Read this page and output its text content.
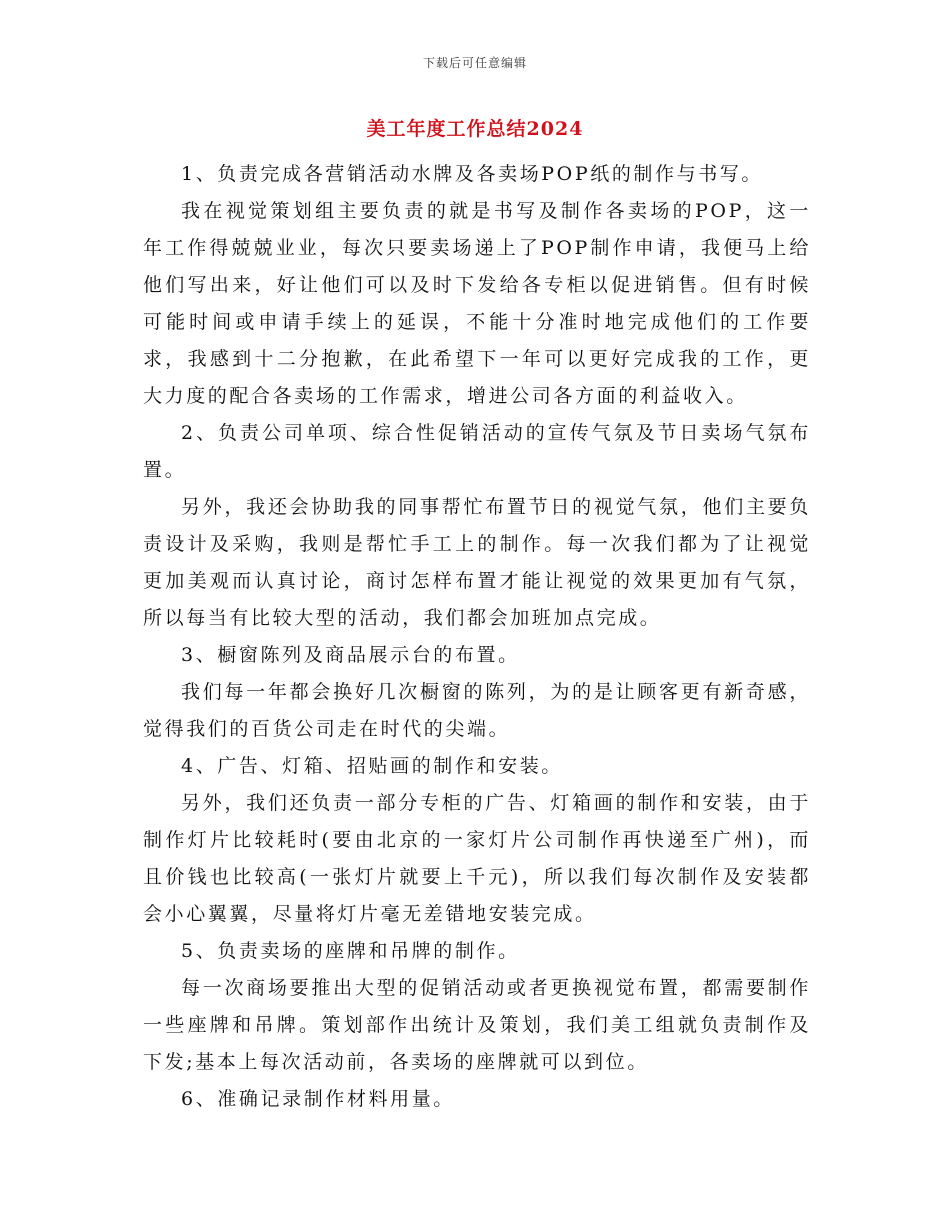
下载后可任意编辑
美工年度工作总结2024

1、负责完成各营销活动水牌及各卖场POP纸的制作与书写。

我在视觉策划组主要负责的就是书写及制作各卖场的POP，这一年工作得兢兢业业，每次只要卖场递上了POP制作申请，我便马上给他们写出来，好让他们可以及时下发给各专柜以促进销售。但有时候可能时间或申请手续上的延误，不能十分准时地完成他们的工作要求，我感到十二分抱歉，在此希望下一年可以更好完成我的工作，更大力度的配合各卖场的工作需求，增进公司各方面的利益收入。

2、负责公司单项、综合性促销活动的宣传气氛及节日卖场气氛布置。

另外，我还会协助我的同事帮忙布置节日的视觉气氛，他们主要负责设计及采购，我则是帮忙手工上的制作。每一次我们都为了让视觉更加美观而认真讨论，商讨怎样布置才能让视觉的效果更加有气氛，所以每当有比较大型的活动，我们都会加班加点完成。

3、橱窗陈列及商品展示台的布置。

我们每一年都会换好几次橱窗的陈列，为的是让顾客更有新奇感，觉得我们的百货公司走在时代的尖端。

4、广告、灯箱、招贴画的制作和安装。

另外，我们还负责一部分专柜的广告、灯箱画的制作和安装，由于制作灯片比较耗时(要由北京的一家灯片公司制作再快递至广州)，而且价钱也比较高(一张灯片就要上千元)，所以我们每次制作及安装都会小心翼翼，尽量将灯片毫无差错地安装完成。

5、负责卖场的座牌和吊牌的制作。

每一次商场要推出大型的促销活动或者更换视觉布置，都需要制作一些座牌和吊牌。策划部作出统计及策划，我们美工组就负责制作及下发;基本上每次活动前，各卖场的座牌就可以到位。

6、准确记录制作材料用量。
